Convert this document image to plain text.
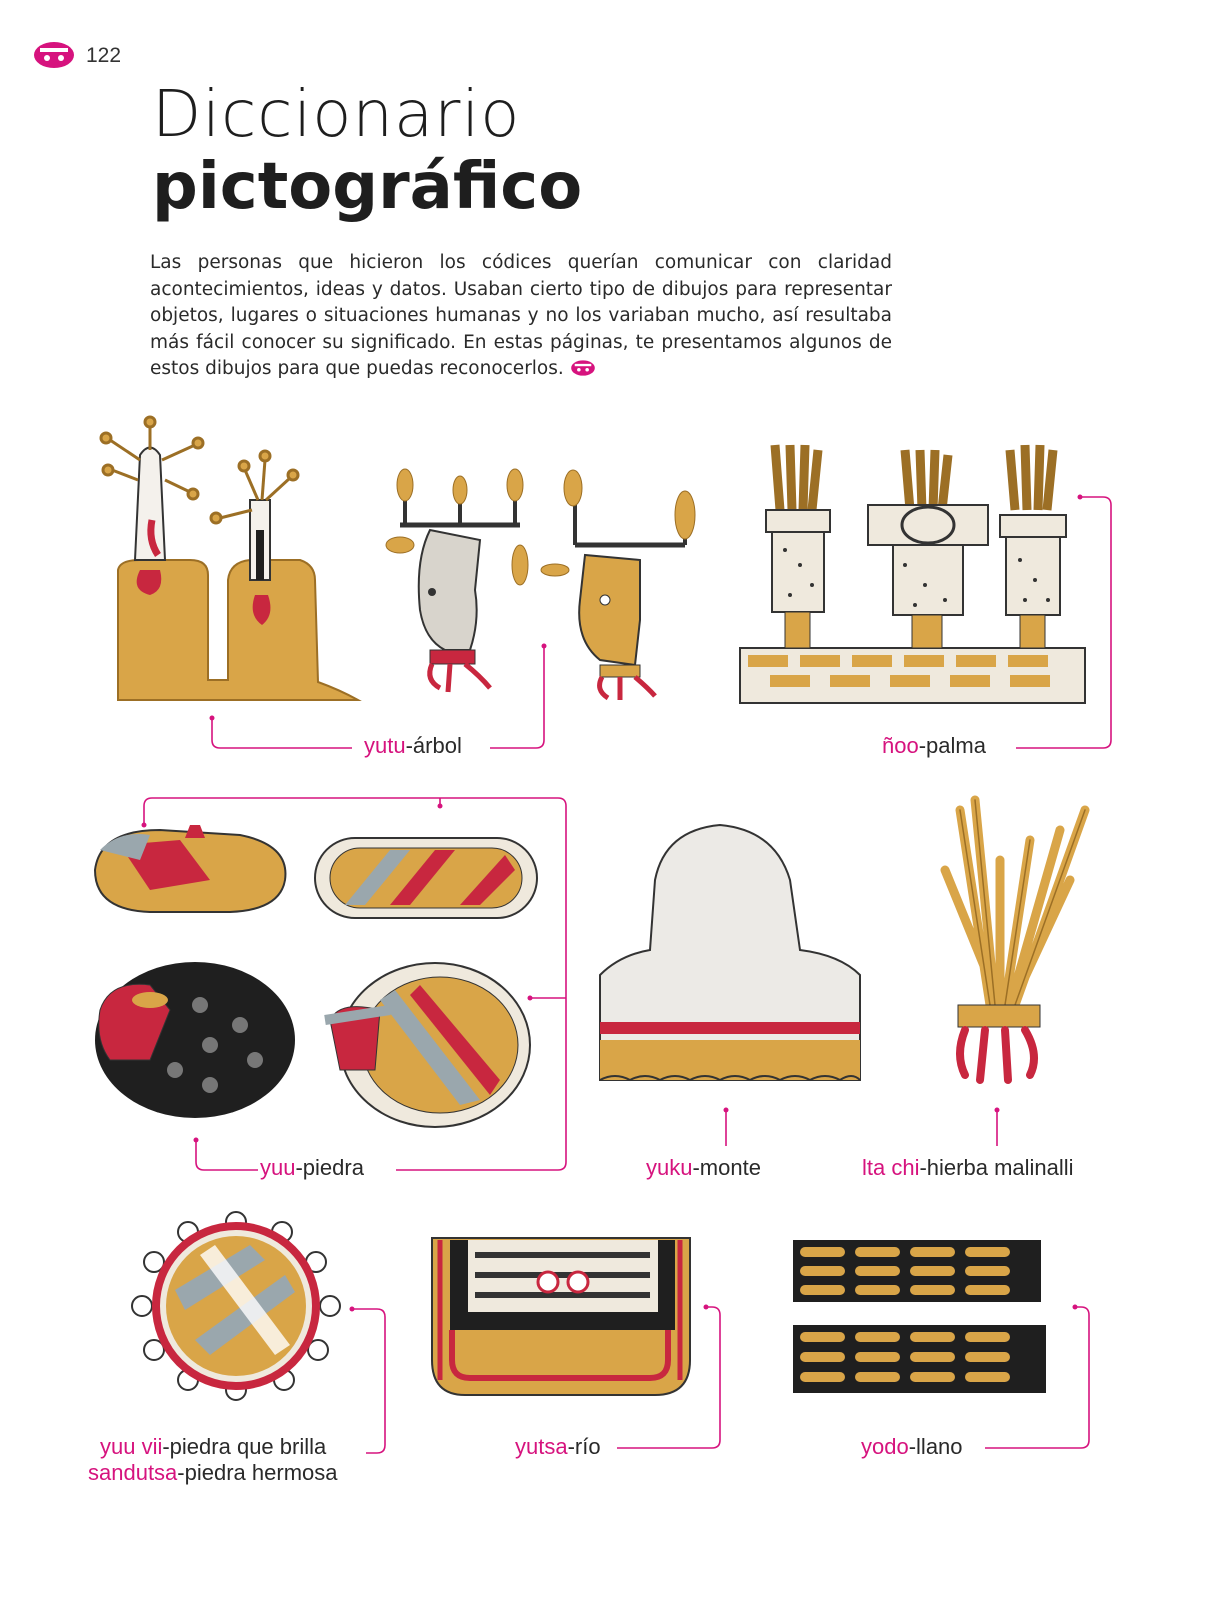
122
Diccionario
pictográfico
Las personas que hicieron los códices querían comunicar con claridad acontecimientos, ideas y datos. Usaban cierto tipo de dibujos para representar objetos, lugares o situaciones humanas y no los variaban mucho, así resultaba más fácil conocer su significado. En estas páginas, te presentamos algunos de estos dibujos para que puedas reconocerlos.
yutu-árbol	ñoo-palma
yuu-piedra	yuku-monte	lta chi-hierba malinalli
yuu vii-piedra que brilla
sandutsa-piedra hermosa
yutsa-río	yodo-llano
